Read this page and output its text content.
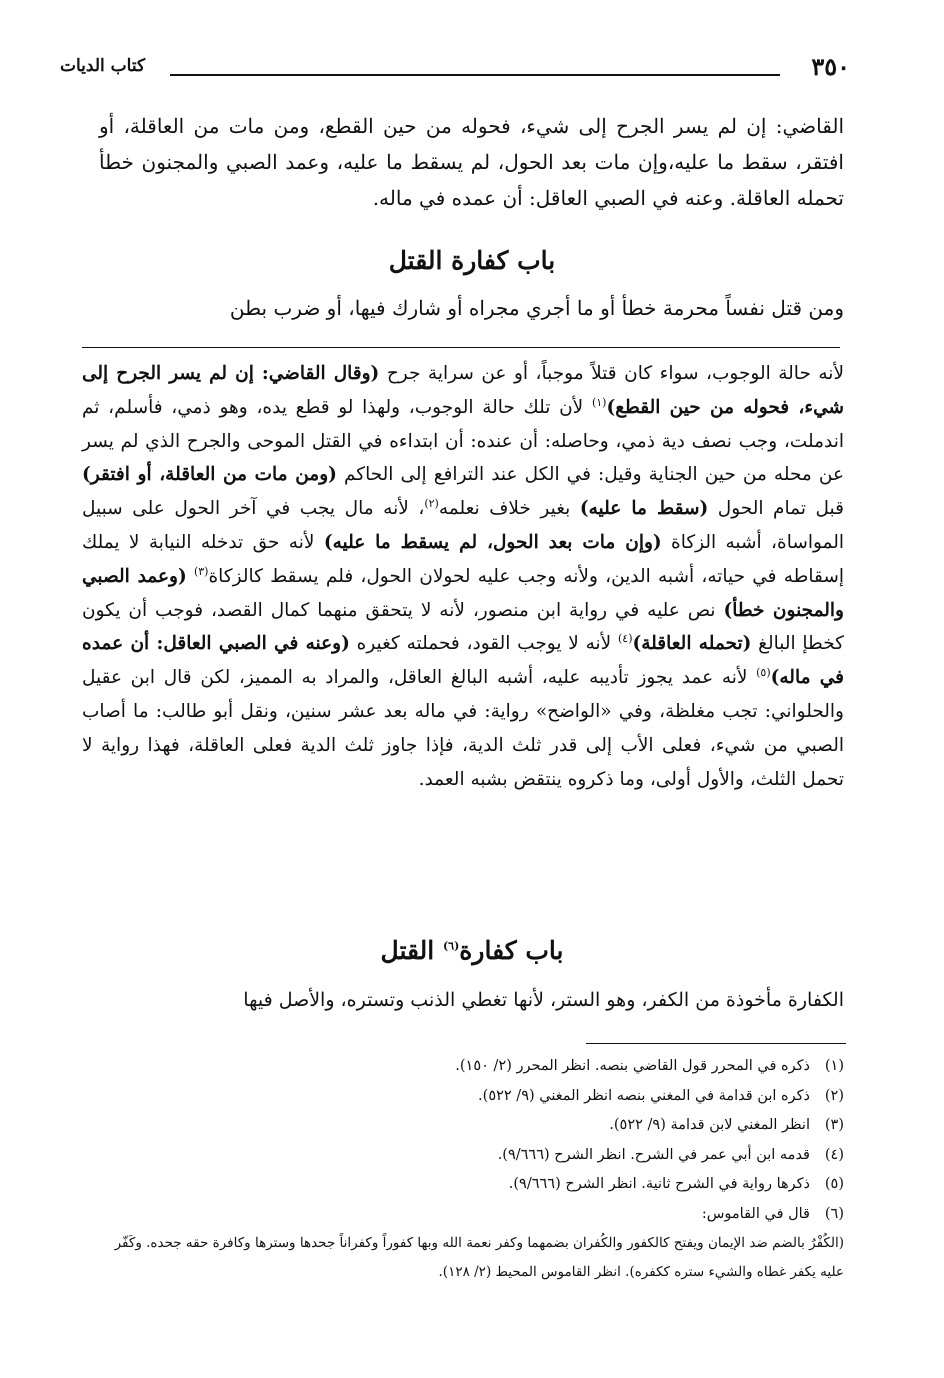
٣٥٠
كتاب الديات

القاضي: إن لم يسر الجرح إلى شيء، فحوله من حين القطع، ومن مات من العاقلة، أو افتقر، سقط ما عليه،وإن مات بعد الحول، لم يسقط ما عليه، وعمد الصبي والمجنون خطأ تحمله العاقلة. وعنه في الصبي العاقل: أن عمده في ماله.

باب كفارة القتل

ومن قتل نفساً محرمة خطأ أو ما أجري مجراه أو شارك فيها، أو ضرب بطن

لأنه حالة الوجوب، سواء كان قتلاً موجباً، أو عن سراية جرح (وقال القاضي: إن لم يسر الجرح إلى شيء، فحوله من حين القطع)$^{(١)}$ لأن تلك حالة الوجوب، ولهذا لو قطع يده، وهو ذمي، فأسلم، ثم اندملت، وجب نصف دية ذمي، وحاصله: أن عنده: أن ابتداءه في القتل الموحى والجرح الذي لم يسر عن محله من حين الجناية وقيل: في الكل عند الترافع إلى الحاكم (ومن مات من العاقلة، أو افتقر) قبل تمام الحول (سقط ما عليه) بغير خلاف نعلمه$^{(٢)}$، لأنه مال يجب في آخر الحول على سبيل المواساة، أشبه الزكاة (وإن مات بعد الحول، لم يسقط ما عليه) لأنه حق تدخله النيابة لا يملك إسقاطه في حياته، أشبه الدين، ولأنه وجب عليه لحولان الحول، فلم يسقط كالزكاة$^{(٣)}$ (وعمد الصبي والمجنون خطأ) نص عليه في رواية ابن منصور، لأنه لا يتحقق منهما كمال القصد، فوجب أن يكون كخطإ البالغ (تحمله العاقلة)$^{(٤)}$ لأنه لا يوجب القود، فحملته كغيره (وعنه في الصبي العاقل: أن عمده في ماله)$^{(٥)}$ لأنه عمد يجوز تأديبه عليه، أشبه البالغ العاقل، والمراد به المميز، لكن قال ابن عقيل والحلواني: تجب مغلظة، وفي «الواضح» رواية: في ماله بعد عشر سنين، ونقل أبو طالب: ما أصاب الصبي من شيء، فعلى الأب إلى قدر ثلث الدية، فإذا جاوز ثلث الدية فعلى العاقلة، فهذا رواية لا تحمل الثلث، والأول أولى، وما ذكروه ينتقض بشبه العمد.

باب كفارة$^{(٦)}$ القتل
الكفارة مأخوذة من الكفر، وهو الستر، لأنها تغطي الذنب وتستره، والأصل فيها

(١)ذكره في المحرر قول القاضي بنصه. انظر المحرر (٢/ ١٥٠).

(٢)ذكره ابن قدامة في المغني بنصه انظر المغني (٩/ ٥٢٢).

(٣)انظر المغني لابن قدامة (٩/ ٥٢٢).

(٤)قدمه ابن أبي عمر في الشرح. انظر الشرح (٩/٦٦٦).

(٥)ذكرها رواية في الشرح ثانية. انظر الشرح (٩/٦٦٦).

(٦)قال في القاموس:

(الكُفْرُ بالضم ضد الإيمان ويفتح كالكفور والكُفران بضمهما وكفر نعمة الله وبها كفوراً وكفراناً جحدها وسترها وكافرة حقه جحده. وكَفّر عليه يكفر غطاه والشيء ستره ككفره). انظر القاموس المحيط (٢/ ١٢٨).
